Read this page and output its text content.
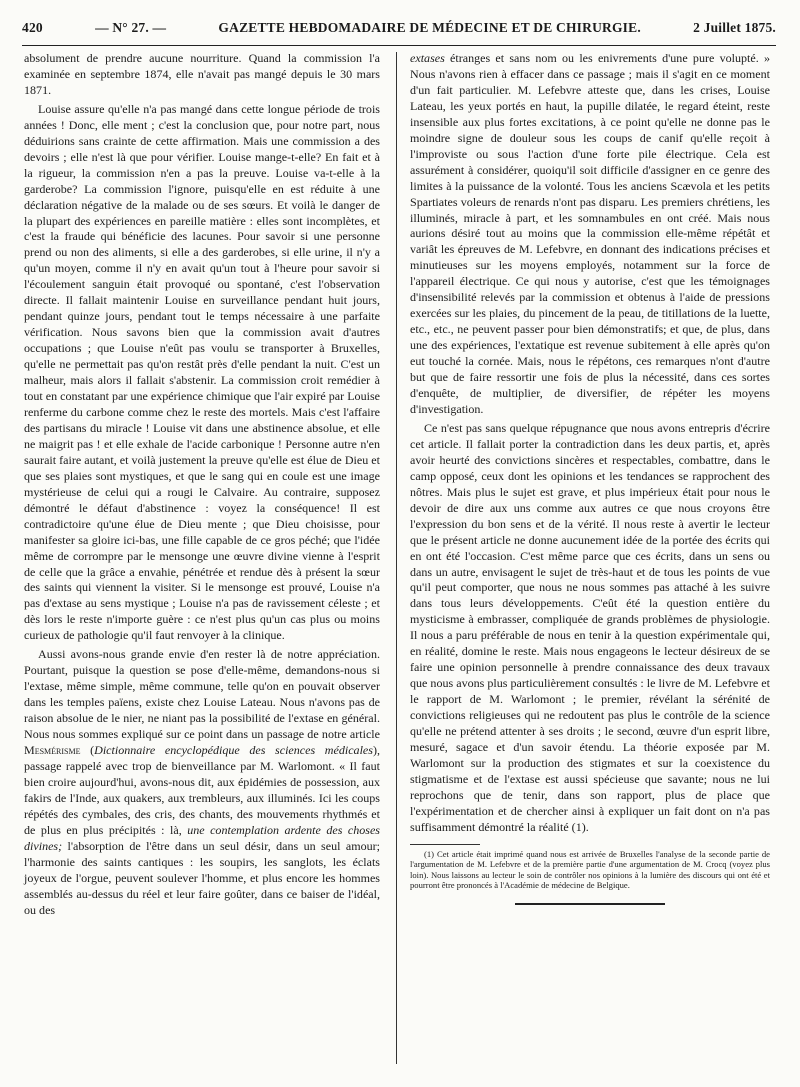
420	— N° 27. —	GAZETTE HEBDOMADAIRE DE MÉDECINE ET DE CHIRURGIE.	2 Juillet 1875.

absolument de prendre aucune nourriture. Quand la commission l'a examinée en septembre 1874, elle n'avait pas mangé depuis le 30 mars 1871.

Louise assure qu'elle n'a pas mangé dans cette longue période de trois années ! Donc, elle ment ; c'est la conclusion que, pour notre part, nous déduirions sans crainte de cette affirmation. Mais une commission a des devoirs ; elle n'est là que pour vérifier. Louise mange-t-elle? En fait et à la rigueur, la commission n'en a pas la preuve. Louise va-t-elle à la garderobe? La commission l'ignore, puisqu'elle en est réduite à une déclaration négative de la malade ou de ses sœurs. Et voilà le danger de la plupart des expériences en pareille matière : elles sont incomplètes, et c'est la fraude qui bénéficie des lacunes. Pour savoir si une personne prend ou non des aliments, si elle a des garderobes, si elle urine, il n'y a qu'un moyen, comme il n'y en avait qu'un tout à l'heure pour savoir si l'écoulement sanguin était provoqué ou spontané, c'est l'observation directe. Il fallait maintenir Louise en surveillance pendant huit jours, pendant quinze jours, pendant tout le temps nécessaire à une parfaite vérification. Nous savons bien que la commission avait d'autres occupations ; que Louise n'eût pas voulu se transporter à Bruxelles, qu'elle ne permettait pas qu'on restât près d'elle pendant la nuit. C'est un malheur, mais alors il fallait s'abstenir. La commission croit remédier à tout en constatant par une expérience chimique que l'air expiré par Louise renferme du carbone comme chez le reste des mortels. Mais c'est l'affaire des partisans du miracle ! Louise vit dans une abstinence absolue, et elle ne maigrit pas ! et elle exhale de l'acide carbonique ! Personne autre n'en saurait faire autant, et voilà justement la preuve qu'elle est élue de Dieu et que ses plaies sont mystiques, et que le sang qui en coule est une image mystérieuse de celui qui a rougi le Calvaire. Au contraire, supposez démontré le défaut d'abstinence : voyez la conséquence! Il est contradictoire qu'une élue de Dieu mente ; que Dieu choisisse, pour manifester sa gloire ici-bas, une fille capable de ce gros péché; que l'idée même de corrompre par le mensonge une œuvre divine vienne à l'esprit de celle que la grâce a envahie, pénétrée et rendue dès à présent la sœur des saints qui viennent la visiter. Si le mensonge est prouvé, Louise n'a pas d'extase au sens mystique ; Louise n'a pas de ravissement céleste ; et dès lors le reste n'importe guère : ce n'est plus qu'un cas plus ou moins curieux de pathologie qu'il faut renvoyer à la clinique.

Aussi avons-nous grande envie d'en rester là de notre appréciation. Pourtant, puisque la question se pose d'elle-même, demandons-nous si l'extase, même simple, même commune, telle qu'on en pouvait observer dans les temples païens, existe chez Louise Lateau. Nous n'avons pas de raison absolue de le nier, ne niant pas la possibilité de l'extase en général. Nous nous sommes expliqué sur ce point dans un passage de notre article Mesmérisme (Dictionnaire encyclopédique des sciences médicales), passage rappelé avec trop de bienveillance par M. Warlomont. « Il faut bien croire aujourd'hui, avons-nous dit, aux épidémies de possession, aux fakirs de l'Inde, aux quakers, aux trembleurs, aux illuminés. Ici les coups répétés des cymbales, des cris, des chants, des mouvements rhythmés et de plus en plus précipités : là, une contemplation ardente des choses divines; l'absorption de l'être dans un seul désir, dans un seul amour; l'harmonie des saints cantiques : les soupirs, les sanglots, les éclats joyeux de l'orgue, peuvent soulever l'homme, et plus encore les hommes assemblés au-dessus du réel et leur faire goûter, dans ce baiser de l'idéal, ou des

extases étranges et sans nom ou les enivrements d'une pure volupté. » Nous n'avons rien à effacer dans ce passage ; mais il s'agit en ce moment d'un fait particulier. M. Lefebvre atteste que, dans les crises, Louise Lateau, les yeux portés en haut, la pupille dilatée, le regard éteint, reste insensible aux plus fortes excitations, à ce point qu'elle ne donne pas le moindre signe de douleur sous les coups de canif qu'elle reçoit à l'improviste ou sous l'action d'une forte pile électrique. Cela est assurément à considérer, quoiqu'il soit difficile d'assigner en ce genre des limites à la puissance de la volonté. Tous les anciens Scævola et les petits Spartiates voleurs de renards n'ont pas disparu. Les premiers chrétiens, les illuminés, miracle à part, et les somnambules en ont créé. Mais nous aurions désiré tout au moins que la commission elle-même répétât et variât les épreuves de M. Lefebvre, en donnant des indications précises et minutieuses sur les moyens employés, notamment sur la force de l'appareil électrique. Ce qui nous y autorise, c'est que les témoignages d'insensibilité relevés par la commission et obtenus à l'aide de pressions exercées sur les plaies, du pincement de la peau, de titillations de la luette, etc., etc., ne peuvent passer pour bien démonstratifs; et que, de plus, dans une des expériences, l'extatique est revenue subitement à elle après qu'on eut touché la cornée. Mais, nous le répétons, ces remarques n'ont d'autre but que de faire ressortir une fois de plus la nécessité, dans ces sortes d'enquête, de multiplier, de diversifier, de répéter les moyens d'investigation.

Ce n'est pas sans quelque répugnance que nous avons entrepris d'écrire cet article. Il fallait porter la contradiction dans les deux partis, et, après avoir heurté des convictions sincères et respectables, combattre, dans le camp opposé, ceux dont les opinions et les tendances se rapprochent des nôtres. Mais plus le sujet est grave, et plus impérieux était pour nous le devoir de dire aux uns comme aux autres ce que nous croyons être l'expression du bon sens et de la vérité. Il nous reste à avertir le lecteur que le présent article ne donne aucunement idée de la portée des écrits qui en ont été l'occasion. C'est même parce que ces écrits, dans un sens ou dans un autre, envisagent le sujet de très-haut et de tous les points de vue qu'il peut comporter, que nous ne nous sommes pas attaché à les suivre dans tous leurs développements. C'eût été la question entière du mysticisme à embrasser, compliquée de grands problèmes de physiologie. Il nous a paru préférable de nous en tenir à la question expérimentale qui, en réalité, domine le reste. Mais nous engageons le lecteur désireux de se faire une opinion personnelle à prendre connaissance des deux travaux que nous avons plus particulièrement consultés : le livre de M. Lefebvre et le rapport de M. Warlomont ; le premier, révélant la sérénité de convictions religieuses qui ne redoutent pas plus le contrôle de la science qu'elle ne prétend attenter à ses droits ; le second, œuvre d'un esprit libre, mesuré, sagace et d'un savoir étendu. La théorie exposée par M. Warlomont sur la production des stigmates et sur la coexistence du stigmatisme et de l'extase est aussi spécieuse que savante; nous ne lui reprochons que de tenir, dans son rapport, plus de place que l'expérimentation et de chercher ainsi à expliquer un fait dont on n'a pas suffisamment démontré la réalité (1).

(1) Cet article était imprimé quand nous est arrivée de Bruxelles l'analyse de la seconde partie de l'argumentation de M. Lefebvre et de la première partie d'une argumentation de M. Crocq (voyez plus loin). Nous laissons au lecteur le soin de contrôler nos opinions à la lumière des discours qui ont été et pourront être prononcés à l'Académie de médecine de Belgique.
